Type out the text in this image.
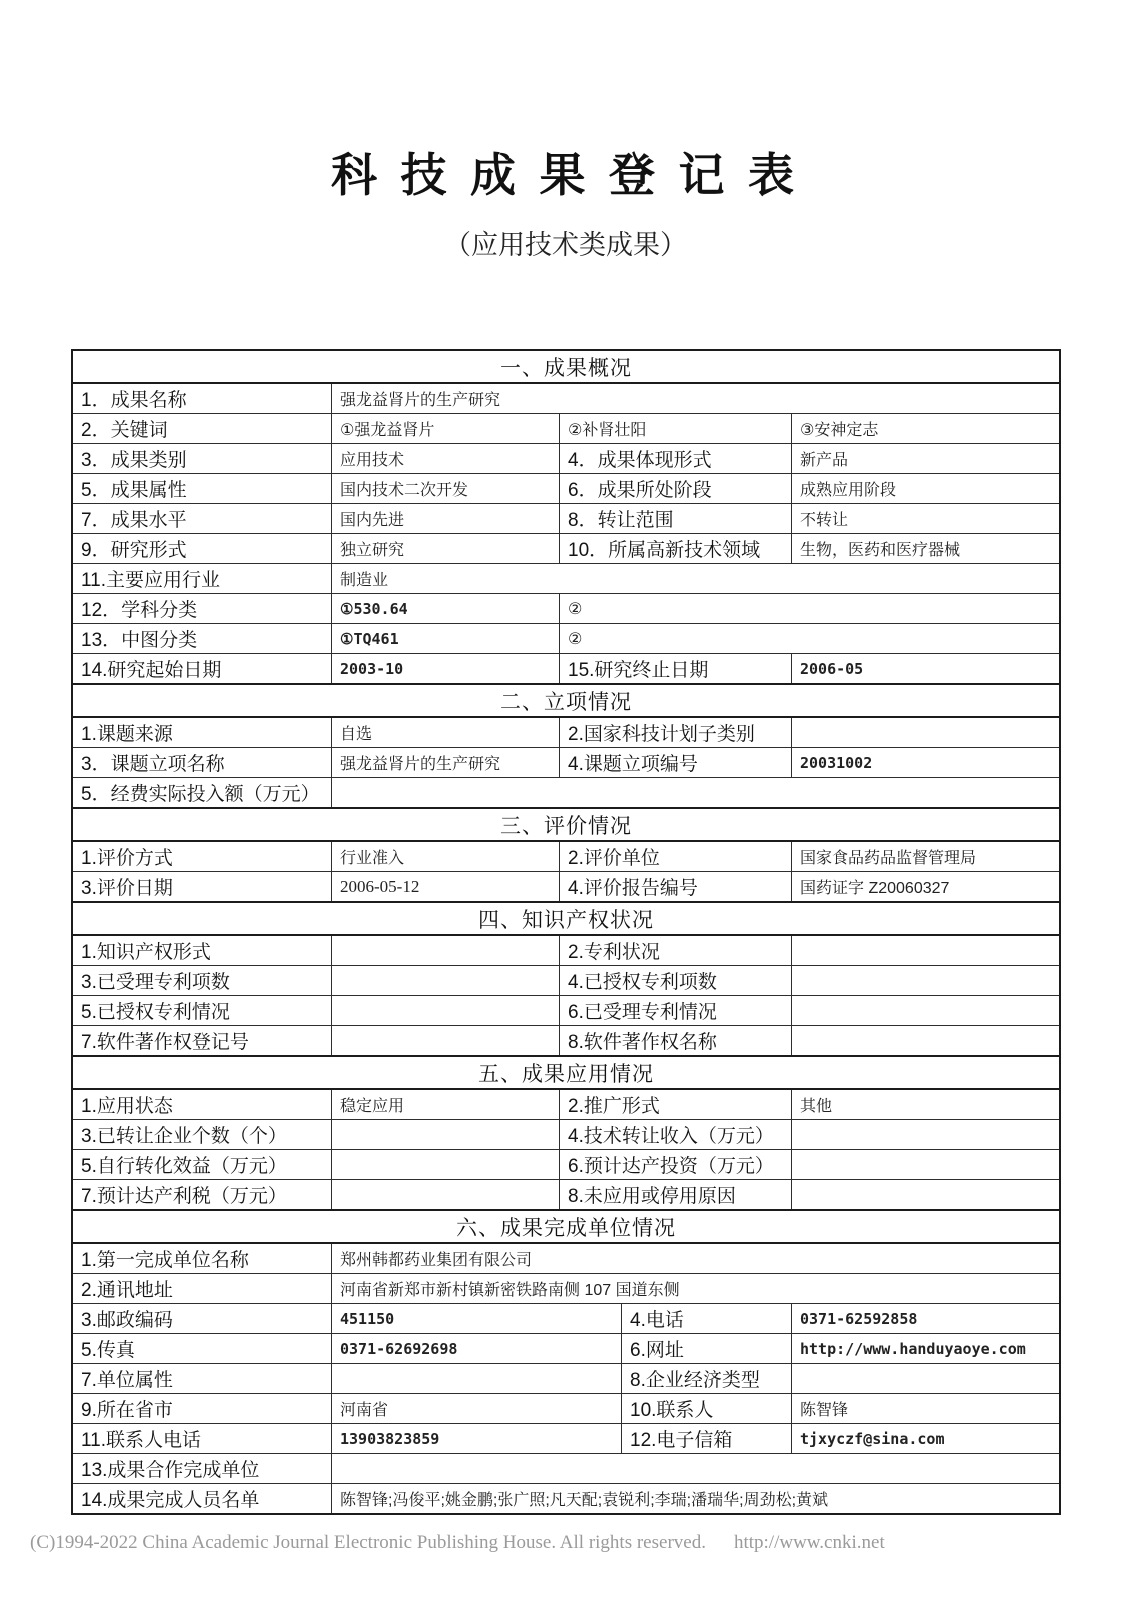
科 技 成 果 登 记 表
（应用技术类成果）
一、成果概况
1．成果名称	强龙益肾片的生产研究
2．关键词	①强龙益肾片	②补肾壮阳	③安神定志
3．成果类别	应用技术	4．成果体现形式	新产品
5．成果属性	国内技术二次开发	6．成果所处阶段	成熟应用阶段
7．成果水平	国内先进	8．转让范围	不转让
9．研究形式	独立研究	10．所属高新技术领域	生物，医药和医疗器械
11.主要应用行业	制造业
12．学科分类	①530.64	②
13．中图分类	①TQ461	②
14.研究起始日期	2003-10	15.研究终止日期	2006-05
二、立项情况
1.课题来源	自选	2.国家科技计划子类别
3．课题立项名称	强龙益肾片的生产研究	4.课题立项编号	20031002
5．经费实际投入额（万元）
三、评价情况
1.评价方式	行业准入	2.评价单位	国家食品药品监督管理局
3.评价日期	2006-05-12	4.评价报告编号	国药证字 Z20060327
四、知识产权状况
1.知识产权形式	2.专利状况
3.已受理专利项数	4.已授权专利项数
5.已授权专利情况	6.已受理专利情况
7.软件著作权登记号	8.软件著作权名称
五、成果应用情况
1.应用状态	稳定应用	2.推广形式	其他
3.已转让企业个数（个）	4.技术转让收入（万元）
5.自行转化效益（万元）	6.预计达产投资（万元）
7.预计达产利税（万元）	8.未应用或停用原因
六、成果完成单位情况
1.第一完成单位名称	郑州韩都药业集团有限公司
2.通讯地址	河南省新郑市新村镇新密铁路南侧 107 国道东侧
3.邮政编码	451150	4.电话	0371-62592858
5.传真	0371-62692698	6.网址	http://www.handuyaoye.com
7.单位属性	8.企业经济类型
9.所在省市	河南省	10.联系人	陈智锋
11.联系人电话	13903823859	12.电子信箱	tjxyczf@sina.com
13.成果合作完成单位
14.成果完成人员名单	陈智锋;冯俊平;姚金鹏;张广照;凡天配;袁锐利;李瑞;潘瑞华;周劲松;黄斌
(C)1994-2022 China Academic Journal Electronic Publishing House. All rights reserved. http://www.cnki.net
